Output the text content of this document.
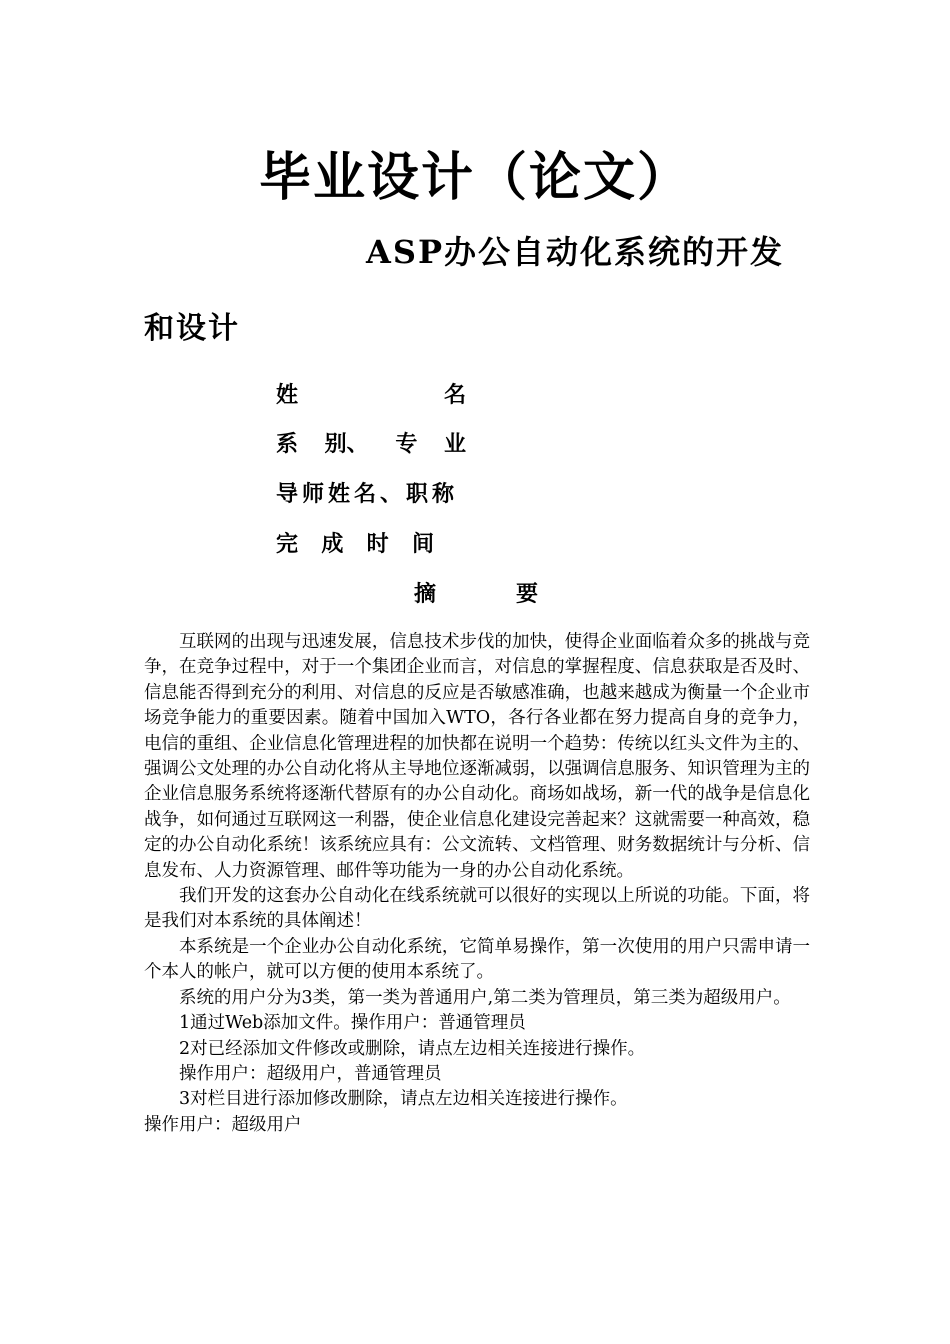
毕业设计（论文）
ASP办公自动化系统的开发
和设计
姓	名
系 别、 专 业
导师姓名、职称
完 成 时 间
摘	要

互联网的出现与迅速发展，信息技术步伐的加快，使得企业面临着众多的挑战与竞争，在竞争过程中，对于一个集团企业而言，对信息的掌握程度、信息获取是否及时、信息能否得到充分的利用、对信息的反应是否敏感准确，也越来越成为衡量一个企业市场竞争能力的重要因素。随着中国加入WTO，各行各业都在努力提高自身的竞争力，电信的重组、企业信息化管理进程的加快都在说明一个趋势：传统以红头文件为主的、强调公文处理的办公自动化将从主导地位逐渐减弱，以强调信息服务、知识管理为主的企业信息服务系统将逐渐代替原有的办公自动化。商场如战场，新一代的战争是信息化战争，如何通过互联网这一利器，使企业信息化建设完善起来？这就需要一种高效，稳定的办公自动化系统！该系统应具有：公文流转、文档管理、财务数据统计与分析、信息发布、人力资源管理、邮件等功能为一身的办公自动化系统。

我们开发的这套办公自动化在线系统就可以很好的实现以上所说的功能。下面，将是我们对本系统的具体阐述！

本系统是一个企业办公自动化系统，它简单易操作，第一次使用的用户只需申请一个本人的帐户，就可以方便的使用本系统了。

系统的用户分为3类，第一类为普通用户,第二类为管理员，第三类为超级用户。

1通过Web添加文件。操作用户：普通管理员

2对已经添加文件修改或删除，请点左边相关连接进行操作。

操作用户：超级用户，普通管理员

3对栏目进行添加修改删除，请点左边相关连接进行操作。

操作用户：超级用户
